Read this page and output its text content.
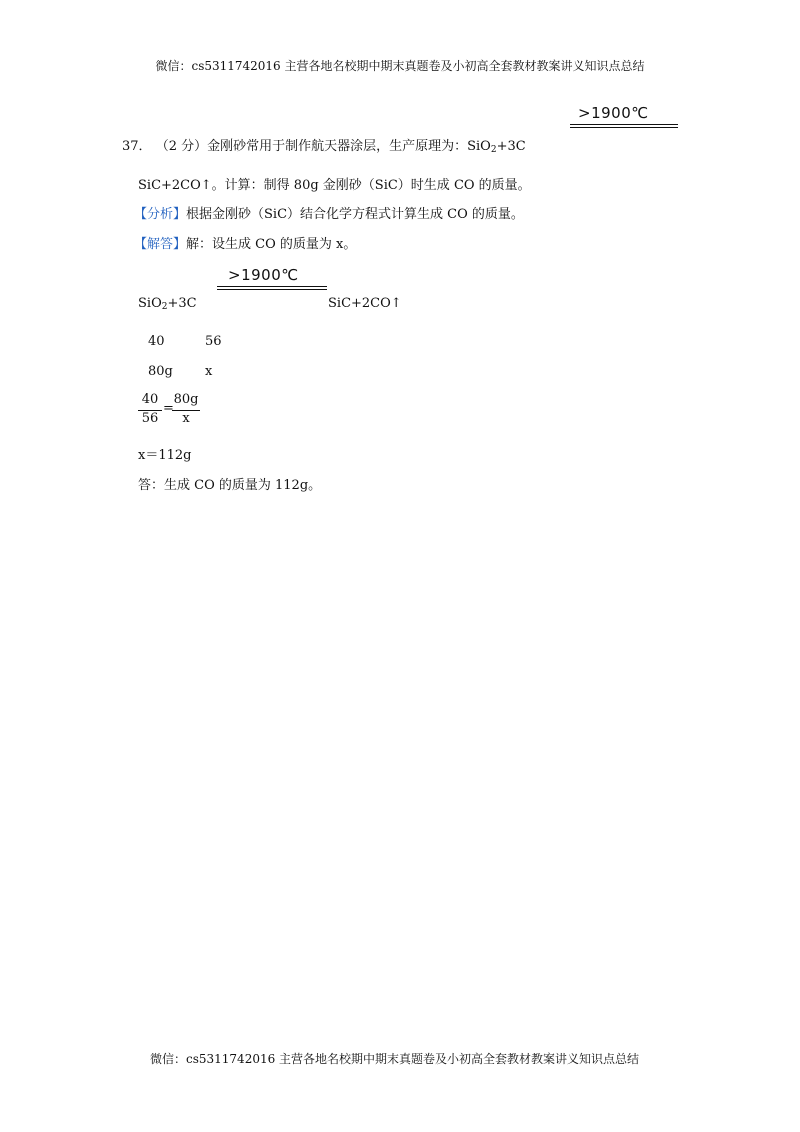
微信：cs5311742016 主营各地名校期中期末真题卷及小初高全套教材教案讲义知识点总结
>1900℃
37． （2 分）金刚砂常用于制作航天器涂层，生产原理为：SiO$_2$+3C
SiC+2CO↑。计算：制得 80g 金刚砂（SiC）时生成 CO 的质量。
【分析】根据金刚砂（SiC）结合化学方程式计算生成 CO 的质量。
【解答】解：设生成 CO 的质量为 x。
>1900℃
SiO$_2$+3C	SiC+2CO↑
40	56
80g x
40
56
=
80g
x
x＝112g
答：生成 CO 的质量为 112g。
微信：cs5311742016 主营各地名校期中期末真题卷及小初高全套教材教案讲义知识点总结
